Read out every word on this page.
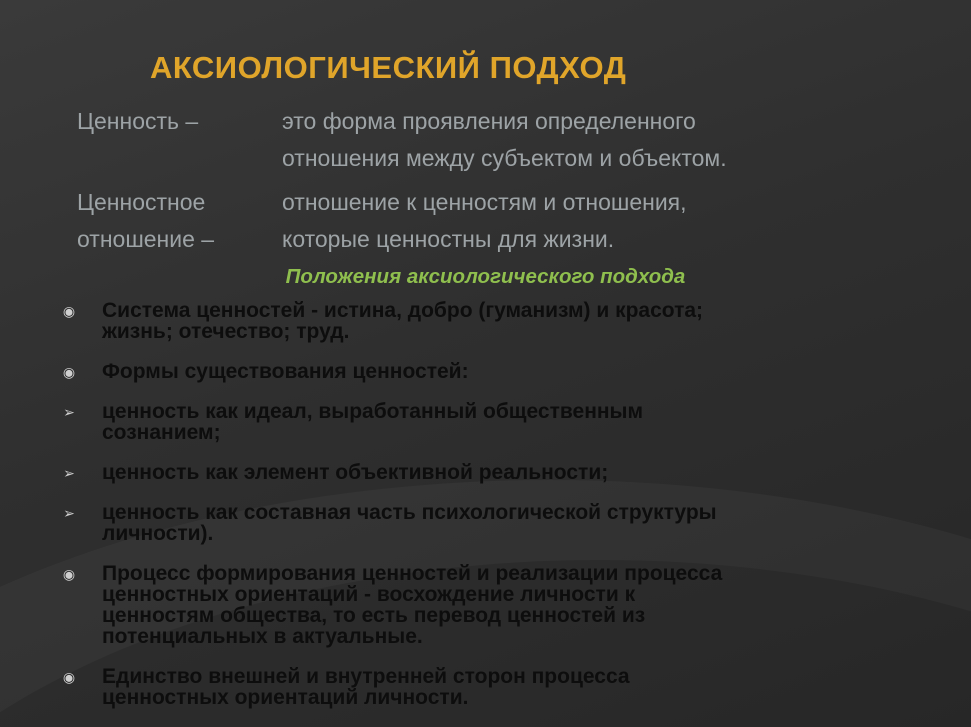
АКСИОЛОГИЧЕСКИЙ ПОДХОД

Ценность –	это форма проявления определенного
отношения между субъектом и объектом.

Ценностное
отношение –

отношение к ценностям и отношения,
которые ценностны для жизни.

Положения аксиологического подхода

◉ Система ценностей - истина, добро (гуманизм) и красота;
жизнь; отечество; труд.
◉ Формы существования ценностей:
➢ ценность как идеал, выработанный общественным
сознанием;
➢ ценность как элемент объективной реальности;
➢ ценность как составная часть психологической структуры
личности).
◉ Процесс формирования ценностей и реализации процесса
ценностных ориентаций - восхождение личности к
ценностям общества, то есть перевод ценностей из
потенциальных в актуальные.
◉ Единство внешней и внутренней сторон процесса
ценностных ориентаций личности.
